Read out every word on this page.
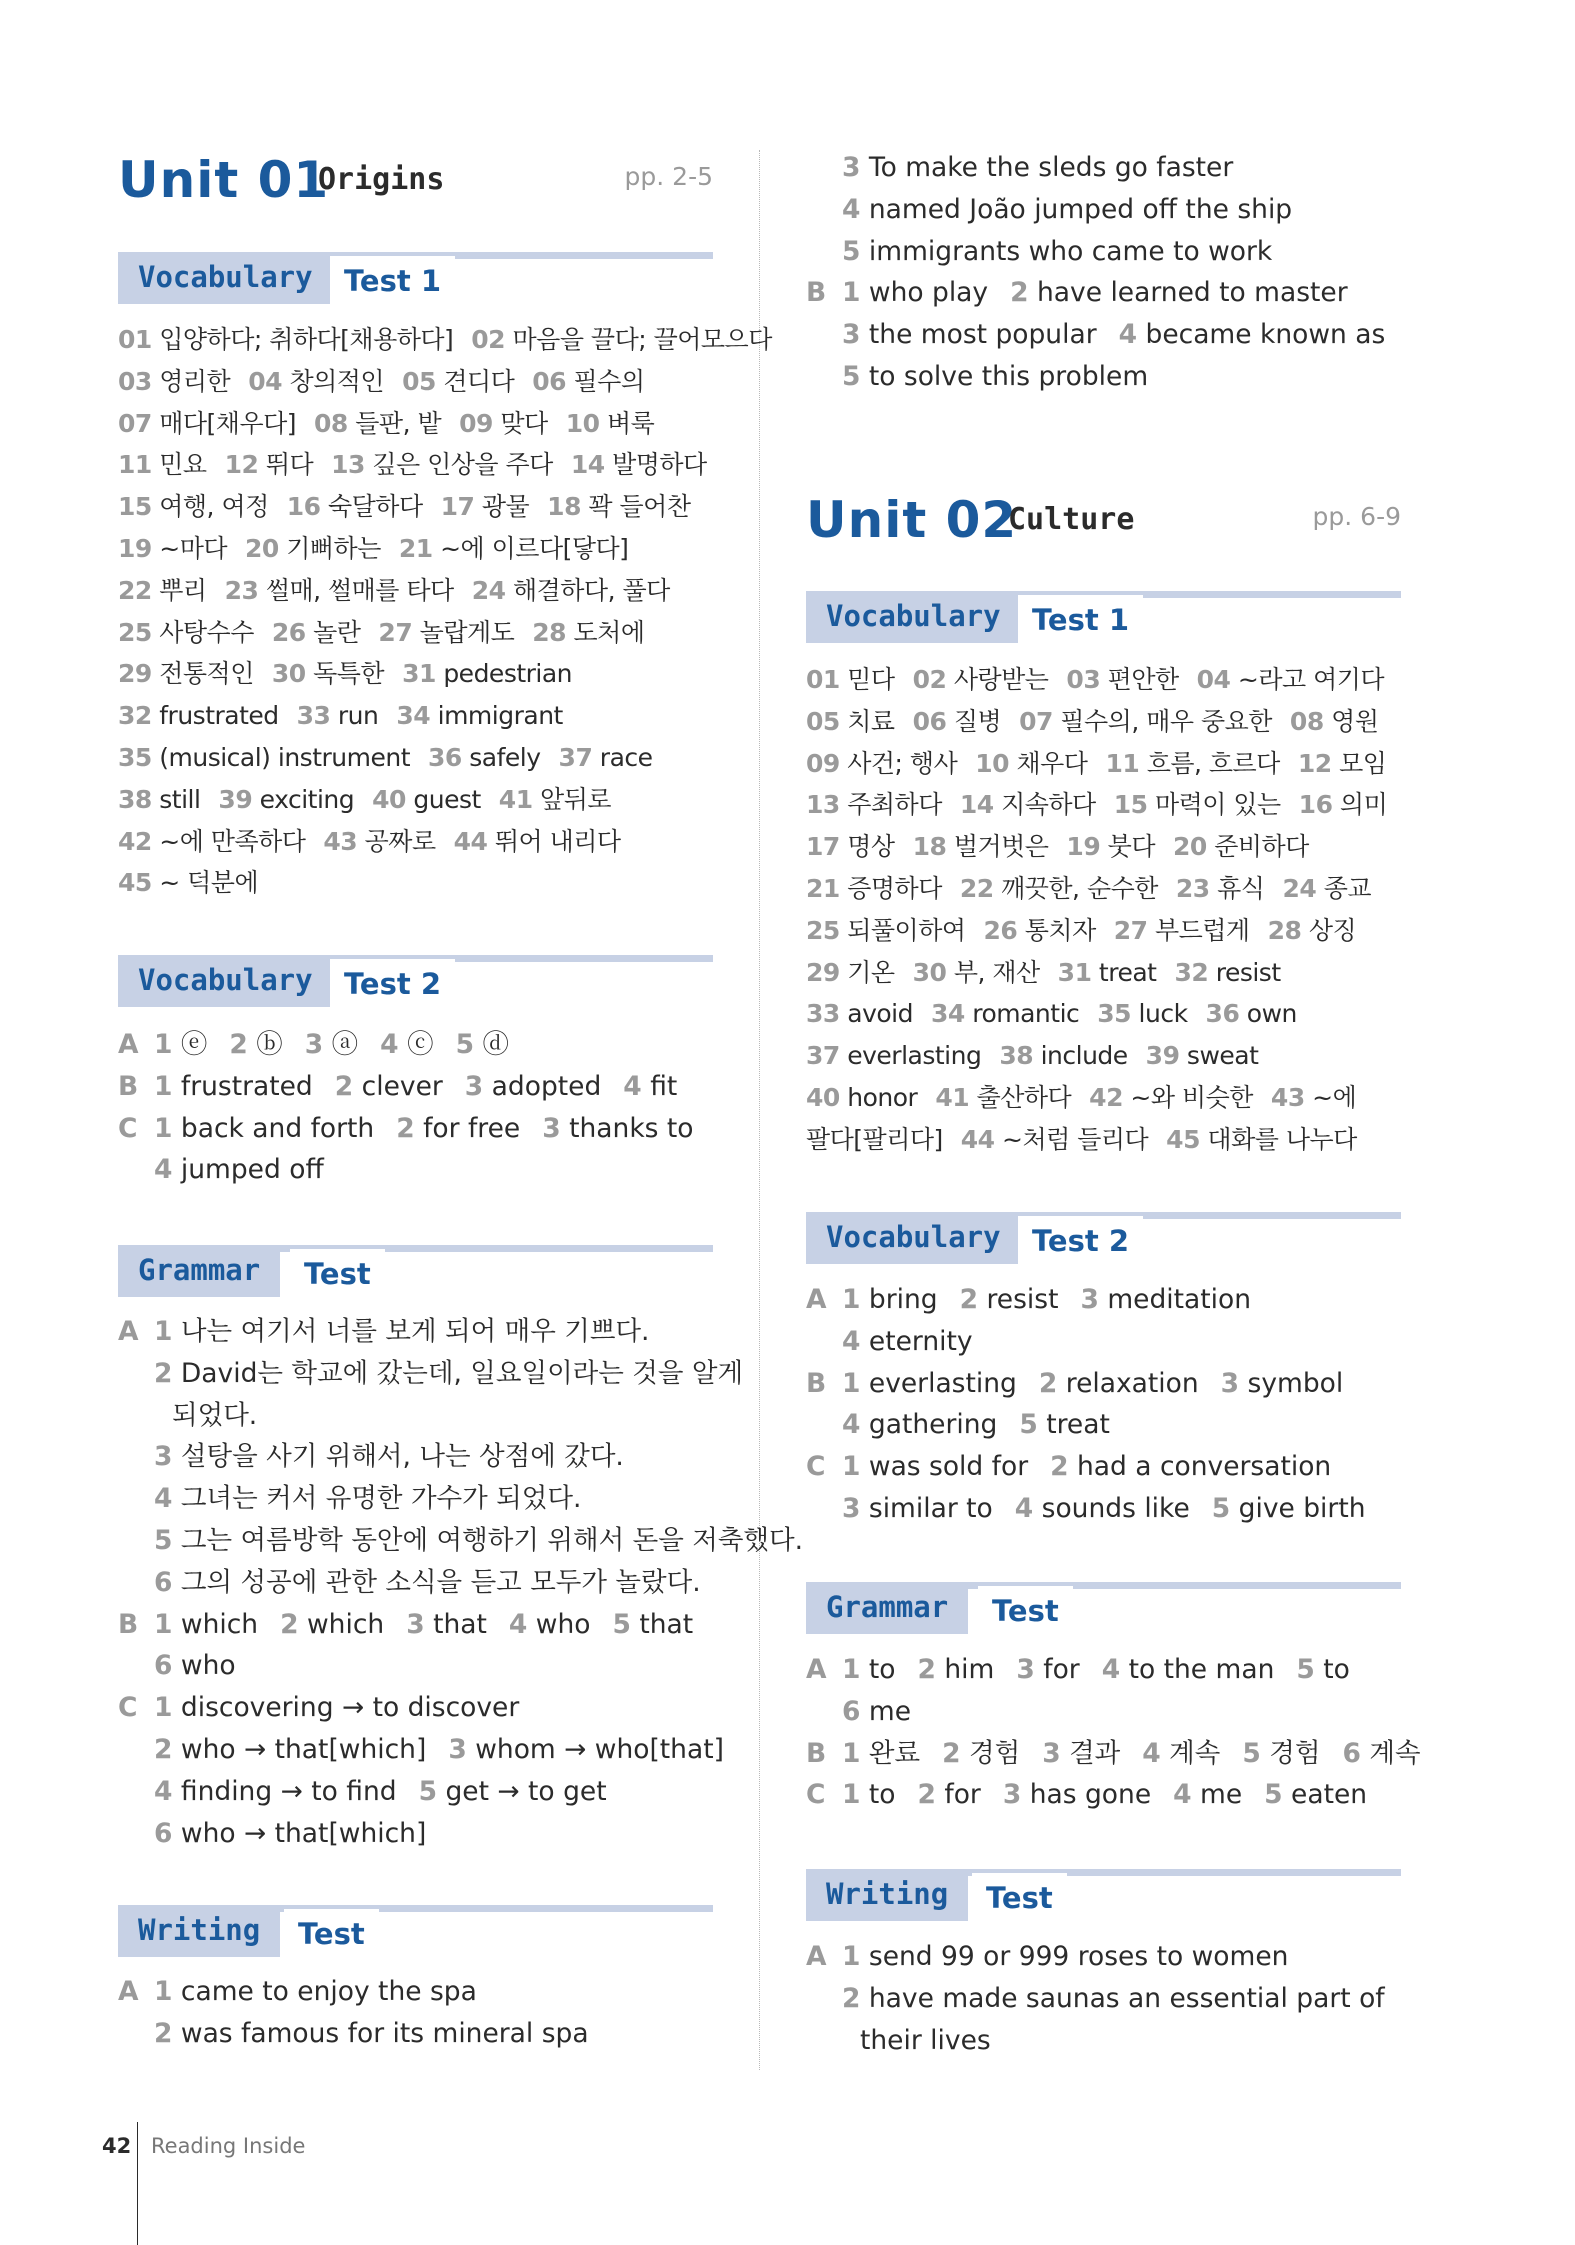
Unit 01
Origins	pp. 2-5
Vocabulary	Test 1
01 입양하다; 취하다[채용하다] 02 마음을 끌다; 끌어모으다
03 영리한 04 창의적인 05 견디다 06 필수의
07 매다[채우다] 08 들판, 밭 09 맞다 10 벼룩
11 민요 12 뛰다 13 깊은 인상을 주다 14 발명하다
15 여행, 여정 16 숙달하다 17 광물 18 꽉 들어찬
19 ~마다 20 기뻐하는 21 ~에 이르다[닿다]
22 뿌리 23 썰매, 썰매를 타다 24 해결하다, 풀다
25 사탕수수 26 놀란 27 놀랍게도 28 도처에
29 전통적인 30 독특한 31 pedestrian
32 frustrated 33 run 34 immigrant
35 (musical) instrument 36 safely 37 race
38 still 39 exciting 40 guest 41 앞뒤로
42 ~에 만족하다 43 공짜로 44 뛰어 내리다
45 ~ 덕분에
Vocabulary	Test 2
A 1 ⓔ 2 ⓑ 3 ⓐ 4 ⓒ 5 ⓓ
B 1 frustrated 2 clever 3 adopted 4 fit
C 1 back and forth 2 for free 3 thanks to
4 jumped off
Grammar	Test
A 1 나는 여기서 너를 보게 되어 매우 기쁘다.
2 David는 학교에 갔는데, 일요일이라는 것을 알게
되었다.
3 설탕을 사기 위해서, 나는 상점에 갔다.
4 그녀는 커서 유명한 가수가 되었다.
5 그는 여름방학 동안에 여행하기 위해서 돈을 저축했다.
6 그의 성공에 관한 소식을 듣고 모두가 놀랐다.
B 1 which 2 which 3 that 4 who 5 that
6 who
C 1 discovering → to discover
2 who → that[which] 3 whom → who[that]
4 finding → to find 5 get → to get
6 who → that[which]
Writing	Test
A 1 came to enjoy the spa
2 was famous for its mineral spa
3 To make the sleds go faster
4 named João jumped off the ship
5 immigrants who came to work
B 1 who play 2 have learned to master
3 the most popular 4 became known as
5 to solve this problem
Unit 02
Culture	pp. 6-9
Vocabulary	Test 1
01 믿다 02 사랑받는 03 편안한 04 ~라고 여기다
05 치료 06 질병 07 필수의, 매우 중요한 08 영원
09 사건; 행사 10 채우다 11 흐름, 흐르다 12 모임
13 주최하다 14 지속하다 15 마력이 있는 16 의미
17 명상 18 벌거벗은 19 붓다 20 준비하다
21 증명하다 22 깨끗한, 순수한 23 휴식 24 종교
25 되풀이하여 26 통치자 27 부드럽게 28 상징
29 기온 30 부, 재산 31 treat 32 resist
33 avoid 34 romantic 35 luck 36 own
37 everlasting 38 include 39 sweat
40 honor 41 출산하다 42 ~와 비슷한 43 ~에
팔다[팔리다] 44 ~처럼 들리다 45 대화를 나누다
Vocabulary	Test 2
A 1 bring 2 resist 3 meditation
4 eternity
B 1 everlasting 2 relaxation 3 symbol
4 gathering 5 treat
C 1 was sold for 2 had a conversation
3 similar to 4 sounds like 5 give birth
Grammar	Test
A 1 to 2 him 3 for 4 to the man 5 to
6 me
B 1 완료 2 경험 3 결과 4 계속 5 경험 6 계속
C 1 to 2 for 3 has gone 4 me 5 eaten
Writing	Test
A 1 send 99 or 999 roses to women
2 have made saunas an essential part of
their lives
42 Reading Inside
